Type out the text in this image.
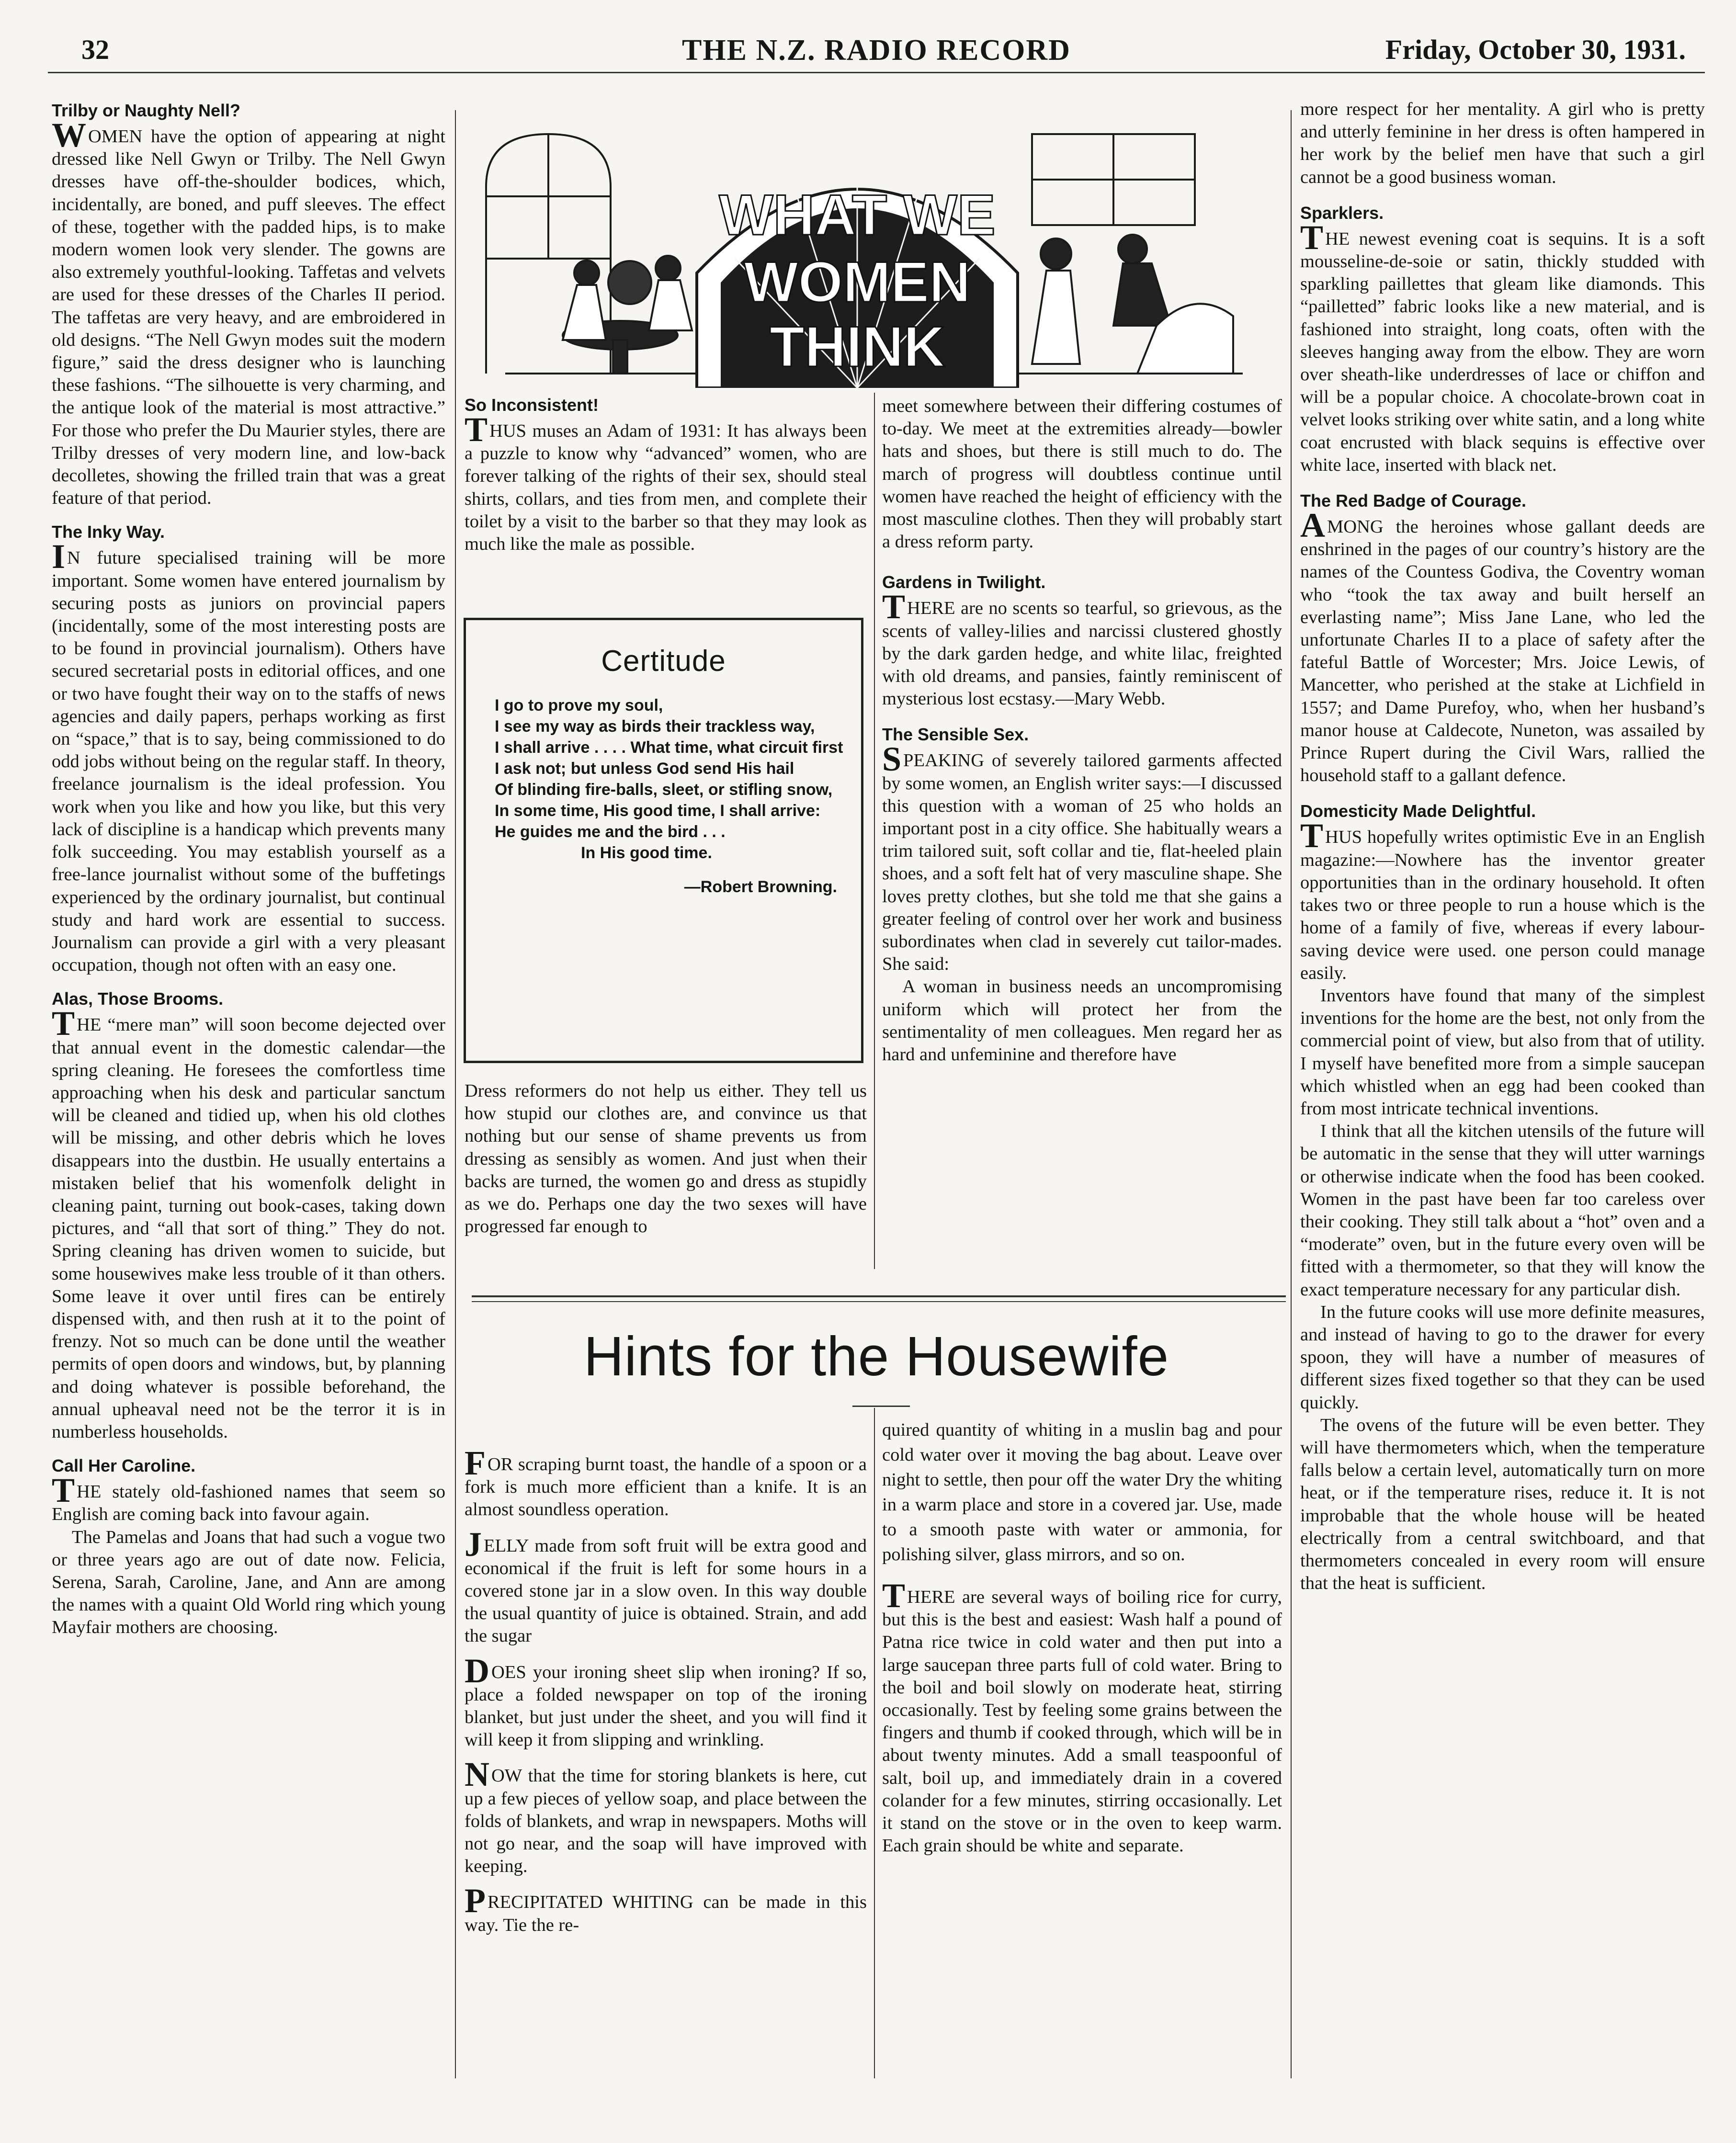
32	THE N.Z. RADIO RECORD	Friday, October 30, 1931.
WHAT WE
WOMEN
THINK

Trilby or Naughty Nell?

WOMEN have the option of appearing at night dressed like Nell Gwyn or Trilby. The Nell Gwyn dresses have off-the-shoulder bodices, which, incidentally, are boned, and puff sleeves. The effect of these, together with the padded hips, is to make modern women look very slender. The gowns are also extremely youthful-looking. Taffetas and velvets are used for these dresses of the Charles II period. The taffetas are very heavy, and are embroidered in old designs. “The Nell Gwyn modes suit the modern figure,” said the dress designer who is launching these fashions. “The silhouette is very charming, and the antique look of the material is most attractive.” For those who prefer the Du Maurier styles, there are Trilby dresses of very modern line, and low-back decolletes, showing the frilled train that was a great feature of that period.

The Inky Way.

IN future specialised training will be more important. Some women have entered journalism by securing posts as juniors on provincial papers (incidentally, some of the most interesting posts are to be found in provincial journalism). Others have secured secretarial posts in editorial offices, and one or two have fought their way on to the staffs of news agencies and daily papers, perhaps working as first on “space,” that is to say, being commissioned to do odd jobs without being on the regular staff. In theory, freelance journalism is the ideal profession. You work when you like and how you like, but this very lack of discipline is a handicap which prevents many folk succeeding. You may establish yourself as a free-lance journalist without some of the buffetings experienced by the ordinary journalist, but continual study and hard work are essential to success. Journalism can provide a girl with a very pleasant occupation, though not often with an easy one.

Alas, Those Brooms.

THE “mere man” will soon become dejected over that annual event in the domestic calendar—the spring cleaning. He foresees the comfortless time approaching when his desk and particular sanctum will be cleaned and tidied up, when his old clothes will be missing, and other debris which he loves disappears into the dustbin. He usually entertains a mistaken belief that his womenfolk delight in cleaning paint, turning out book-cases, taking down pictures, and “all that sort of thing.” They do not. Spring cleaning has driven women to suicide, but some housewives make less trouble of it than others. Some leave it over until fires can be entirely dispensed with, and then rush at it to the point of frenzy. Not so much can be done until the weather permits of open doors and windows, but, by planning and doing whatever is possible beforehand, the annual upheaval need not be the terror it is in numberless households.

Call Her Caroline.

THE stately old-fashioned names that seem so English are coming back into favour again.

The Pamelas and Joans that had such a vogue two or three years ago are out of date now. Felicia, Serena, Sarah, Caroline, Jane, and Ann are among the names with a quaint Old World ring which young Mayfair mothers are choosing.

So Inconsistent!

THUS muses an Adam of 1931: It has always been a puzzle to know why “advanced” women, who are forever talking of the rights of their sex, should steal shirts, collars, and ties from men, and complete their toilet by a visit to the barber so that they may look as much like the male as possible.

Certitude

I go to prove my soul,

I see my way as birds their trackless way,

I shall arrive . . . . What time, what circuit first

I ask not; but unless God send His hail

Of blinding fire-balls, sleet, or stifling snow,

In some time, His good time, I shall arrive:

He guides me and the bird . . .

In His good time.

—Robert Browning.

Dress reformers do not help us either. They tell us how stupid our clothes are, and convince us that nothing but our sense of shame prevents us from dressing as sensibly as women. And just when their backs are turned, the women go and dress as stupidly as we do. Perhaps one day the two sexes will have progressed far enough to

meet somewhere between their differing costumes of to-day. We meet at the extremities already—bowler hats and shoes, but there is still much to do. The march of progress will doubtless continue until women have reached the height of efficiency with the most masculine clothes. Then they will probably start a dress reform party.

Gardens in Twilight.

THERE are no scents so tearful, so grievous, as the scents of valley-lilies and narcissi clustered ghostly by the dark garden hedge, and white lilac, freighted with old dreams, and pansies, faintly reminiscent of mysterious lost ecstasy.—Mary Webb.

The Sensible Sex.

SPEAKING of severely tailored garments affected by some women, an English writer says:—I discussed this question with a woman of 25 who holds an important post in a city office. She habitually wears a trim tailored suit, soft collar and tie, flat-heeled plain shoes, and a soft felt hat of very masculine shape. She loves pretty clothes, but she told me that she gains a greater feeling of control over her work and business subordinates when clad in severely cut tailor-mades. She said:

A woman in business needs an uncompromising uniform which will protect her from the sentimentality of men colleagues. Men regard her as hard and unfeminine and therefore have

more respect for her mentality. A girl who is pretty and utterly feminine in her dress is often hampered in her work by the belief men have that such a girl cannot be a good business woman.

Sparklers.

THE newest evening coat is sequins. It is a soft mousseline-de-soie or satin, thickly studded with sparkling paillettes that gleam like diamonds. This “pailletted” fabric looks like a new material, and is fashioned into straight, long coats, often with the sleeves hanging away from the elbow. They are worn over sheath-like underdresses of lace or chiffon and will be a popular choice. A chocolate-brown coat in velvet looks striking over white satin, and a long white coat encrusted with black sequins is effective over white lace, inserted with black net.

The Red Badge of Courage.

AMONG the heroines whose gallant deeds are enshrined in the pages of our country’s history are the names of the Countess Godiva, the Coventry woman who “took the tax away and built herself an everlasting name”; Miss Jane Lane, who led the unfortunate Charles II to a place of safety after the fateful Battle of Worcester; Mrs. Joice Lewis, of Mancetter, who perished at the stake at Lichfield in 1557; and Dame Purefoy, who, when her husband’s manor house at Caldecote, Nuneton, was assailed by Prince Rupert during the Civil Wars, rallied the household staff to a gallant defence.

Domesticity Made Delightful.

THUS hopefully writes optimistic Eve in an English magazine:—Nowhere has the inventor greater opportunities than in the ordinary household. It often takes two or three people to run a house which is the home of a family of five, whereas if every labour-saving device were used. one person could manage easily.

Inventors have found that many of the simplest inventions for the home are the best, not only from the commercial point of view, but also from that of utility. I myself have benefited more from a simple saucepan which whistled when an egg had been cooked than from most intricate technical inventions.

I think that all the kitchen utensils of the future will be automatic in the sense that they will utter warnings or otherwise indicate when the food has been cooked. Women in the past have been far too careless over their cooking. They still talk about a “hot” oven and a “moderate” oven, but in the future every oven will be fitted with a thermometer, so that they will know the exact temperature necessary for any particular dish.

In the future cooks will use more definite measures, and instead of having to go to the drawer for every spoon, they will have a number of measures of different sizes fixed together so that they can be used quickly.

The ovens of the future will be even better. They will have thermometers which, when the temperature falls below a certain level, automatically turn on more heat, or if the temperature rises, reduce it. It is not improbable that the whole house will be heated electrically from a central switchboard, and that thermometers concealed in every room will ensure that the heat is sufficient.

Hints for the Housewife

FOR scraping burnt toast, the handle of a spoon or a fork is much more efficient than a knife. It is an almost soundless operation.

JELLY made from soft fruit will be extra good and economical if the fruit is left for some hours in a covered stone jar in a slow oven. In this way double the usual quantity of juice is obtained. Strain, and add the sugar

DOES your ironing sheet slip when ironing? If so, place a folded newspaper on top of the ironing blanket, but just under the sheet, and you will find it will keep it from slipping and wrinkling.

NOW that the time for storing blankets is here, cut up a few pieces of yellow soap, and place between the folds of blankets, and wrap in newspapers. Moths will not go near, and the soap will have improved with keeping.

PRECIPITATED WHITING can be made in this way. Tie the re-

quired quantity of whiting in a muslin bag and pour cold water over it moving the bag about. Leave over night to settle, then pour off the water Dry the whiting in a warm place and store in a covered jar. Use, made to a smooth paste with water or ammonia, for polishing silver, glass mirrors, and so on.

THERE are several ways of boiling rice for curry, but this is the best and easiest: Wash half a pound of Patna rice twice in cold water and then put into a large saucepan three parts full of cold water. Bring to the boil and boil slowly on moderate heat, stirring occasionally. Test by feeling some grains between the fingers and thumb if cooked through, which will be in about twenty minutes. Add a small teaspoonful of salt, boil up, and immediately drain in a covered colander for a few minutes, stirring occasionally. Let it stand on the stove or in the oven to keep warm. Each grain should be white and separate.
